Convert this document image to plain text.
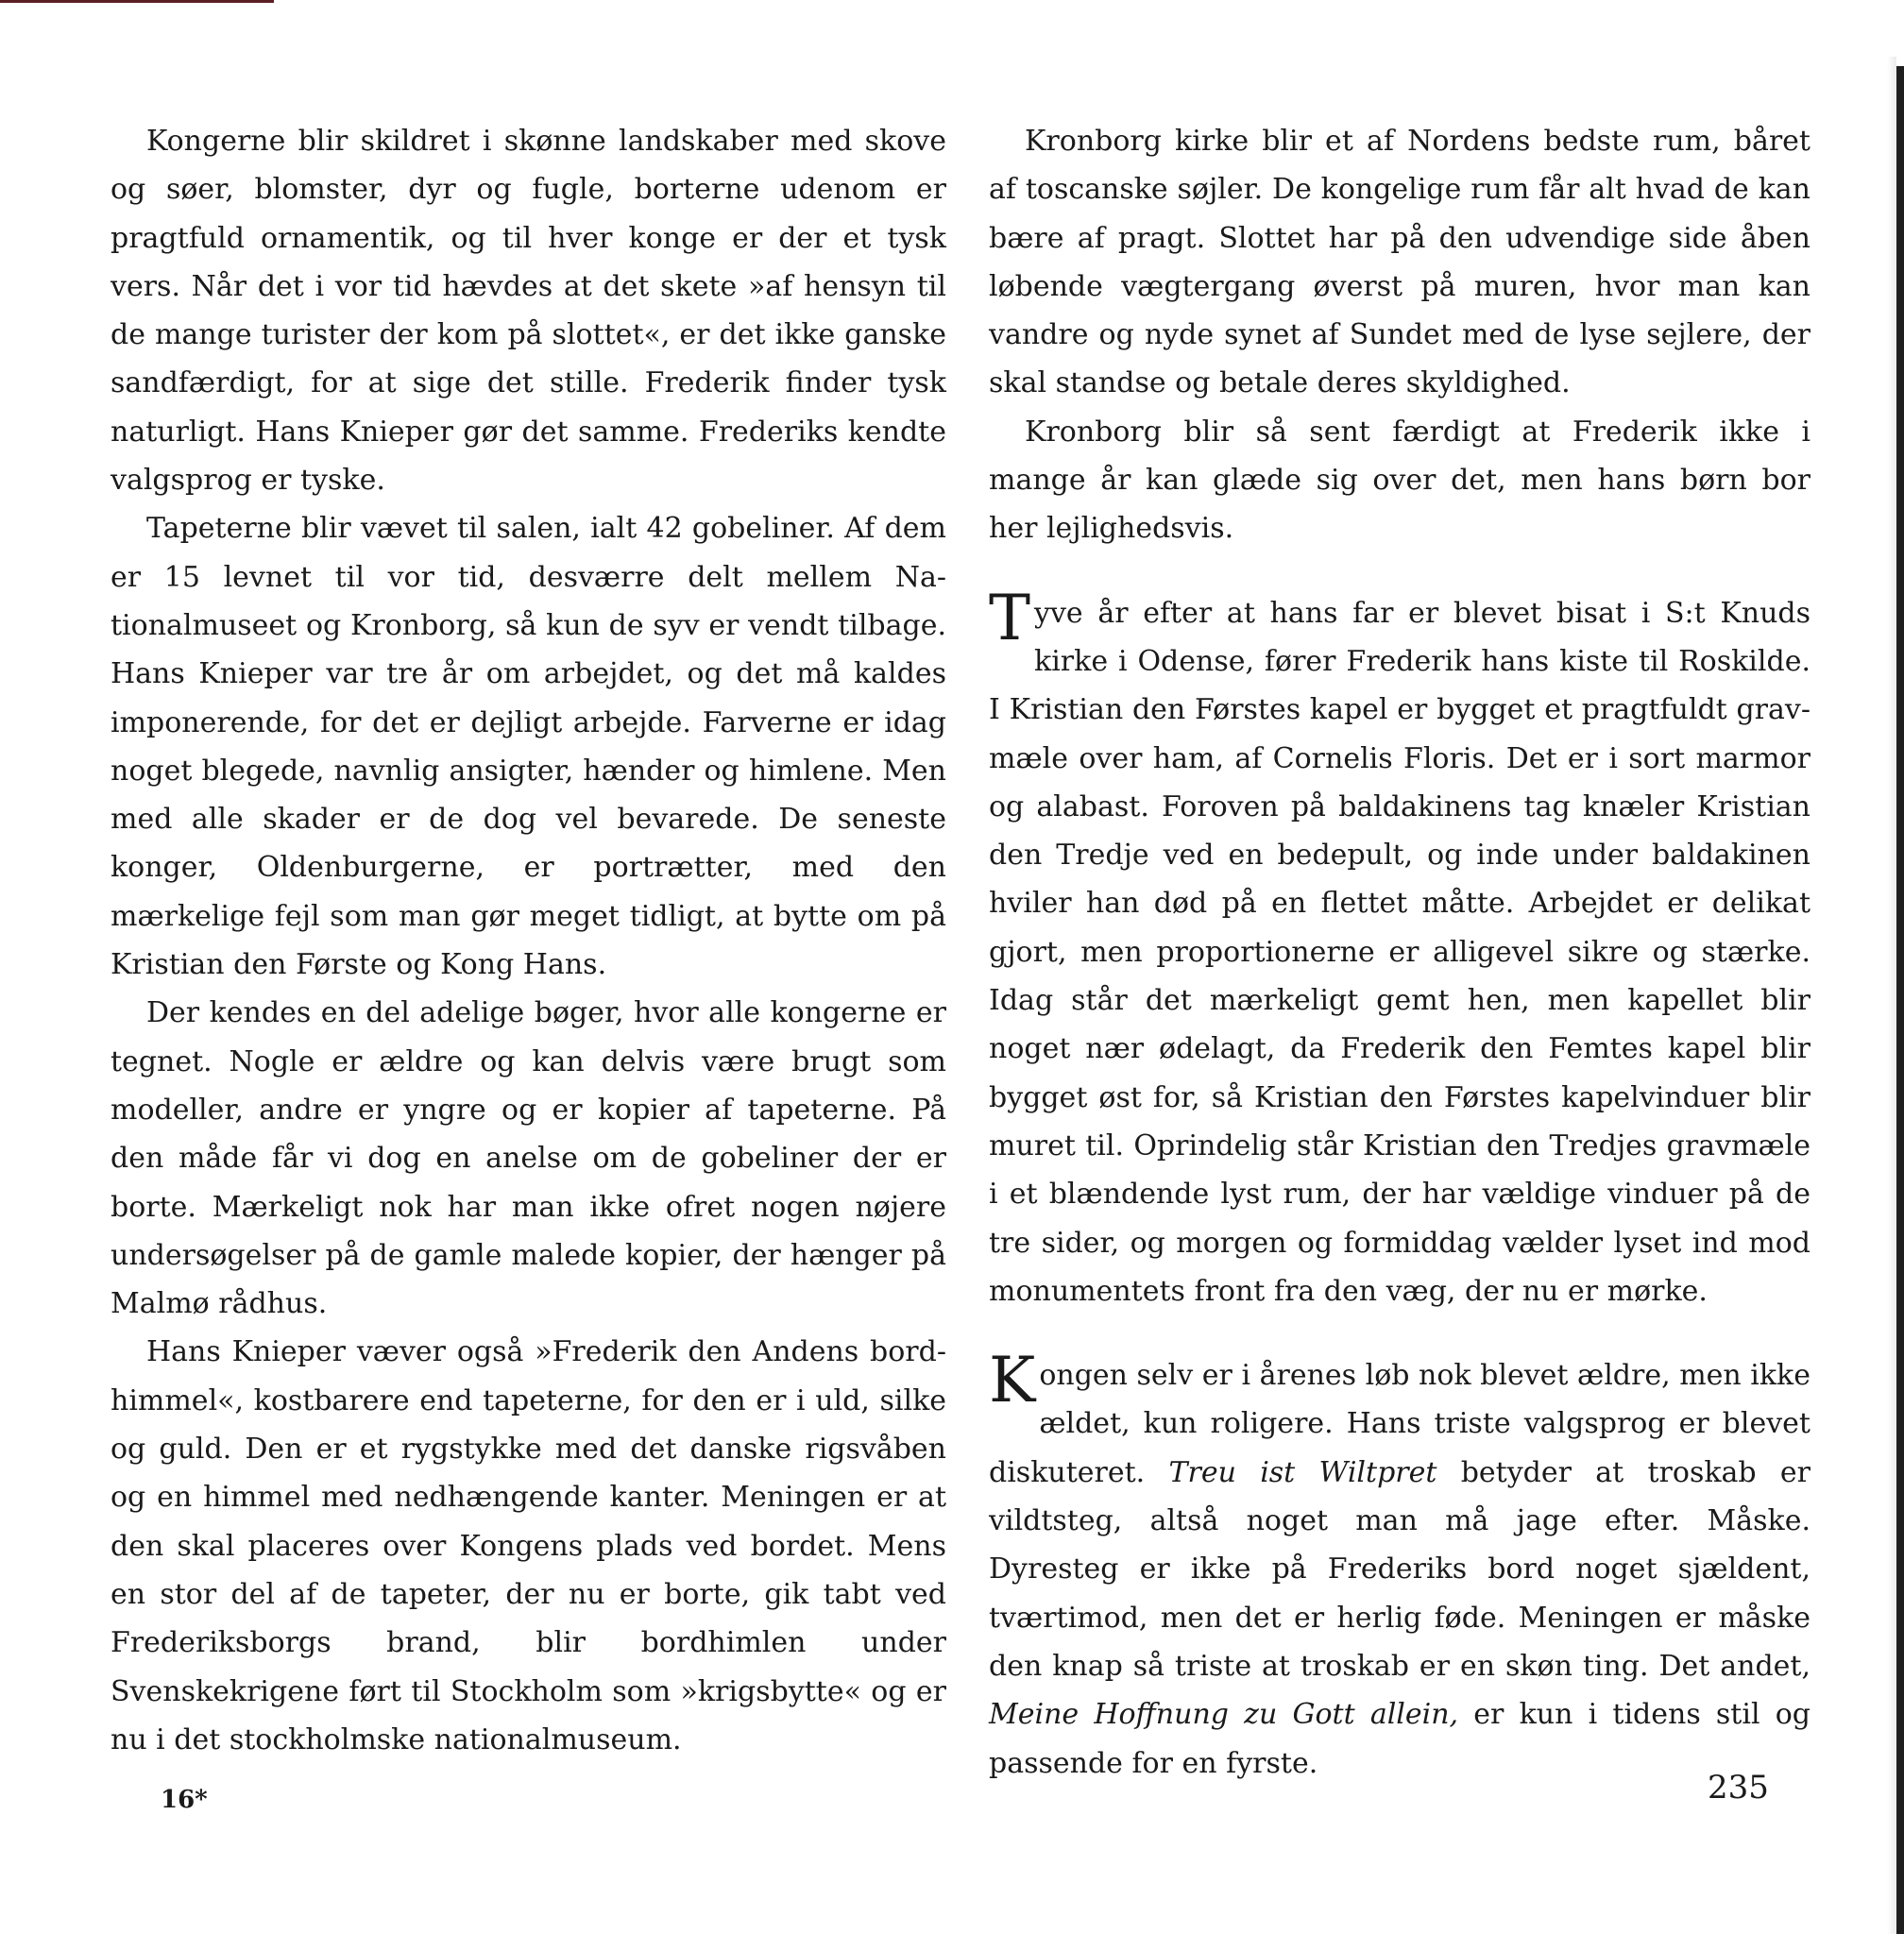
Kongerne blir skildret i skønne landskaber med skove og søer, blomster, dyr og fugle, borterne udenom er pragtfuld ornamentik, og til hver konge er der et tysk vers. Når det i vor tid hævdes at det skete »af hensyn til de mange turister der kom på slottet«, er det ikke ganske sandfærdigt, for at sige det stille. Frederik finder tysk naturligt. Hans Knieper gør det samme. Frederiks kendte valgsprog er tyske.

Tapeterne blir vævet til salen, ialt 42 gobeliner. Af dem er 15 levnet til vor tid, desværre delt mellem Nationalmuseet og Kronborg, så kun de syv er vendt tilbage. Hans Knieper var tre år om arbejdet, og det må kaldes imponerende, for det er dejligt arbejde. Farverne er idag noget blegede, navnlig ansigter, hænder og himlene. Men med alle skader er de dog vel bevarede. De seneste konger, Oldenburgerne, er portrætter, med den mærkelige fejl som man gør meget tidligt, at bytte om på Kristian den Første og Kong Hans.

Der kendes en del adelige bøger, hvor alle kongerne er tegnet. Nogle er ældre og kan delvis være brugt som modeller, andre er yngre og er kopier af tapeterne. På den måde får vi dog en anelse om de gobeliner der er borte. Mærkeligt nok har man ikke ofret nogen nøjere undersøgelser på de gamle malede kopier, der hænger på Malmø rådhus.

Hans Knieper væver også »Frederik den Andens bordhimmel«, kostbarere end tapeterne, for den er i uld, silke og guld. Den er et rygstykke med det danske rigsvåben og en himmel med nedhængende kanter. Meningen er at den skal placeres over Kongens plads ved bordet. Mens en stor del af de tapeter, der nu er borte, gik tabt ved Frederiksborgs brand, blir bordhimlen under Svenskekrigene ført til Stockholm som »krigsbytte« og er nu i det stockholmske nationalmuseum.

Kronborg kirke blir et af Nordens bedste rum, båret af toscanske søjler. De kongelige rum får alt hvad de kan bære af pragt. Slottet har på den udvendige side åben løbende vægtergang øverst på muren, hvor man kan vandre og nyde synet af Sundet med de lyse sejlere, der skal standse og betale deres skyldighed.

Kronborg blir så sent færdigt at Frederik ikke i mange år kan glæde sig over det, men hans børn bor her lejlighedsvis.

Tyve år efter at hans far er blevet bisat i S:t Knuds kirke i Odense, fører Frederik hans kiste til Roskilde. I Kristian den Førstes kapel er bygget et pragtfuldt gravmæle over ham, af Cornelis Floris. Det er i sort marmor og alabast. Foroven på baldakinens tag knæler Kristian den Tredje ved en bedepult, og inde under baldakinen hviler han død på en flettet måtte. Arbejdet er delikat gjort, men proportionerne er alligevel sikre og stærke. Idag står det mærkeligt gemt hen, men kapellet blir noget nær ødelagt, da Frederik den Femtes kapel blir bygget øst for, så Kristian den Førstes kapelvinduer blir muret til. Oprindelig står Kristian den Tredjes gravmæle i et blændende lyst rum, der har vældige vinduer på de tre sider, og morgen og formiddag vælder lyset ind mod monumentets front fra den væg, der nu er mørke.

Kongen selv er i årenes løb nok blevet ældre, men ikke ældet, kun roligere. Hans triste valgsprog er blevet diskuteret. Treu ist Wiltpret betyder at troskab er vildtsteg, altså noget man må jage efter. Måske. Dyresteg er ikke på Frederiks bord noget sjældent, tværtimod, men det er herlig føde. Meningen er måske den knap så triste at troskab er en skøn ting. Det andet, Meine Hoffnung zu Gott allein, er kun i tidens stil og passende for en fyrste.

16*	235
